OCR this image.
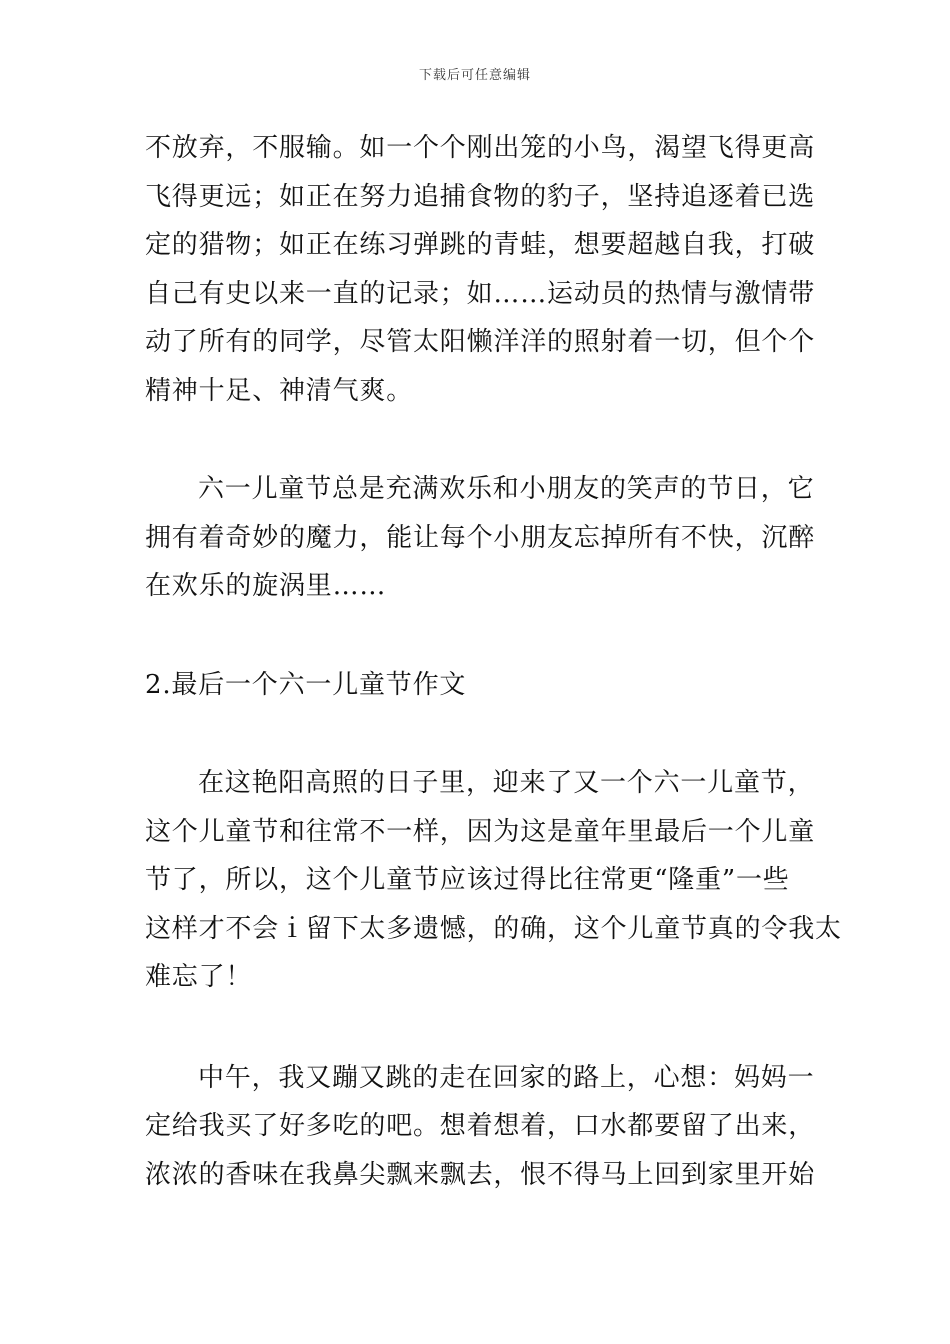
下载后可任意编辑
不放弃，不服输。如一个个刚出笼的小鸟，渴望飞得更高
飞得更远；如正在努力追捕食物的豹子，坚持追逐着已选
定的猎物；如正在练习弹跳的青蛙，想要超越自我，打破
自己有史以来一直的记录；如……运动员的热情与激情带
动了所有的同学，尽管太阳懒洋洋的照射着一切，但个个
精神十足、神清气爽。
六一儿童节总是充满欢乐和小朋友的笑声的节日，它
拥有着奇妙的魔力，能让每个小朋友忘掉所有不快，沉醉
在欢乐的旋涡里……
2.最后一个六一儿童节作文
在这艳阳高照的日子里，迎来了又一个六一儿童节，
这个儿童节和往常不一样，因为这是童年里最后一个儿童
节了，所以，这个儿童节应该过得比往常更“隆重”一些
这样才不会ｉ留下太多遗憾，的确，这个儿童节真的令我太
难忘了！
中午，我又蹦又跳的走在回家的路上，心想：妈妈一
定给我买了好多吃的吧。想着想着，口水都要留了出来，
浓浓的香味在我鼻尖飘来飘去，恨不得马上回到家里开始
